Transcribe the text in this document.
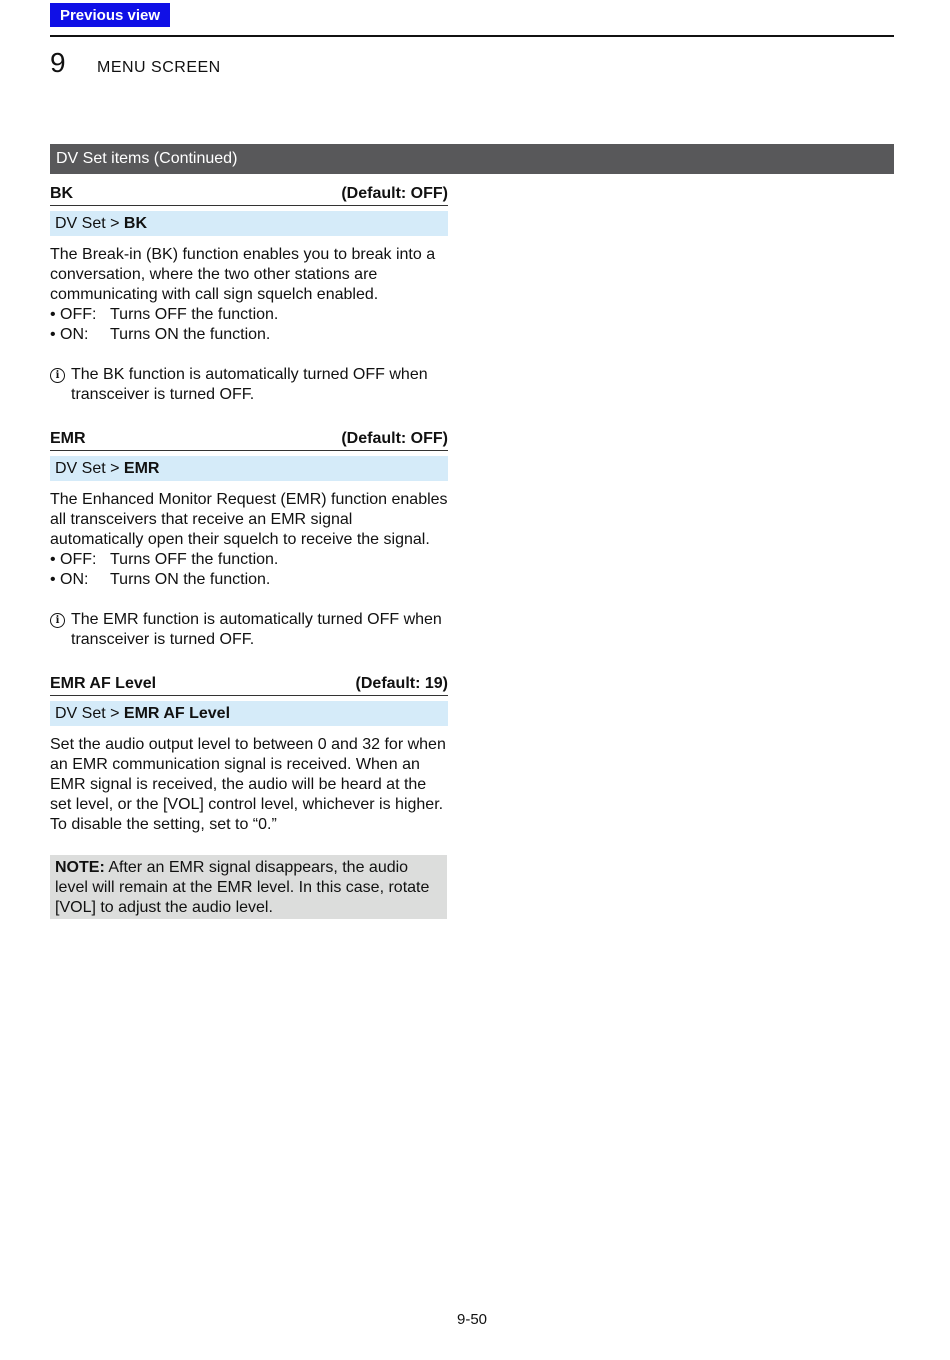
Previous view
9 MENU SCREEN
DV Set items (Continued)
BK	(Default: OFF)
DV Set > BK
The Break-in (BK) function enables you to break into a conversation, where the two other stations are communicating with call sign squelch enabled.
• OFF: Turns OFF the function.
• ON:	Turns ON the function.
i The BK function is automatically turned OFF when transceiver is turned OFF.
EMR	(Default: OFF)
DV Set > EMR
The Enhanced Monitor Request (EMR) function enables all transceivers that receive an EMR signal automatically open their squelch to receive the signal.
• OFF: Turns OFF the function.
• ON:	Turns ON the function.
i The EMR function is automatically turned OFF when transceiver is turned OFF.
EMR AF Level	(Default: 19)
DV Set > EMR AF Level
Set the audio output level to between 0 and 32 for when an EMR communication signal is received. When an EMR signal is received, the audio will be heard at the set level, or the [VOL] control level, whichever is higher.
To disable the setting, set to “0.”
NOTE: After an EMR signal disappears, the audio level will remain at the EMR level. In this case, rotate [VOL] to adjust the audio level.
9-50
